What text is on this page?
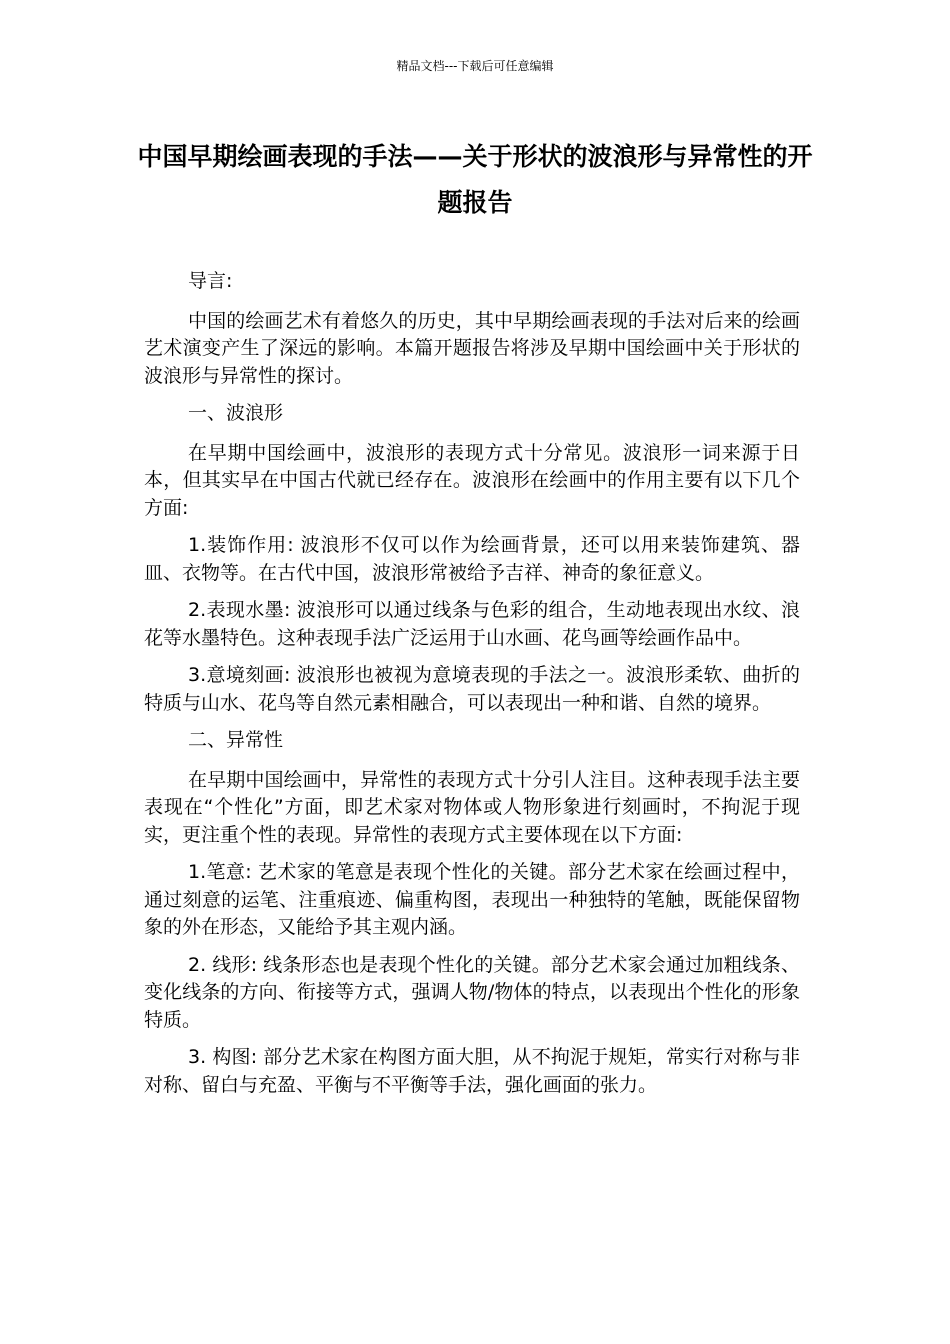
精品文档---下载后可任意编辑
中国早期绘画表现的手法——关于形状的波浪形与异常性的开题报告

导言:

中国的绘画艺术有着悠久的历史，其中早期绘画表现的手法对后来的绘画艺术演变产生了深远的影响。本篇开题报告将涉及早期中国绘画中关于形状的波浪形与异常性的探讨。

一、波浪形

在早期中国绘画中，波浪形的表现方式十分常见。波浪形一词来源于日本，但其实早在中国古代就已经存在。波浪形在绘画中的作用主要有以下几个方面:

1.装饰作用: 波浪形不仅可以作为绘画背景，还可以用来装饰建筑、器皿、衣物等。在古代中国，波浪形常被给予吉祥、神奇的象征意义。

2.表现水墨: 波浪形可以通过线条与色彩的组合，生动地表现出水纹、浪花等水墨特色。这种表现手法广泛运用于山水画、花鸟画等绘画作品中。

3.意境刻画: 波浪形也被视为意境表现的手法之一。波浪形柔软、曲折的特质与山水、花鸟等自然元素相融合，可以表现出一种和谐、自然的境界。

二、异常性

在早期中国绘画中，异常性的表现方式十分引人注目。这种表现手法主要表现在“个性化”方面，即艺术家对物体或人物形象进行刻画时，不拘泥于现实，更注重个性的表现。异常性的表现方式主要体现在以下方面:

1.笔意: 艺术家的笔意是表现个性化的关键。部分艺术家在绘画过程中，通过刻意的运笔、注重痕迹、偏重构图，表现出一种独特的笔触，既能保留物象的外在形态，又能给予其主观内涵。

2. 线形: 线条形态也是表现个性化的关键。部分艺术家会通过加粗线条、变化线条的方向、衔接等方式，强调人物/物体的特点，以表现出个性化的形象特质。

3. 构图: 部分艺术家在构图方面大胆，从不拘泥于规矩，常实行对称与非对称、留白与充盈、平衡与不平衡等手法，强化画面的张力。
